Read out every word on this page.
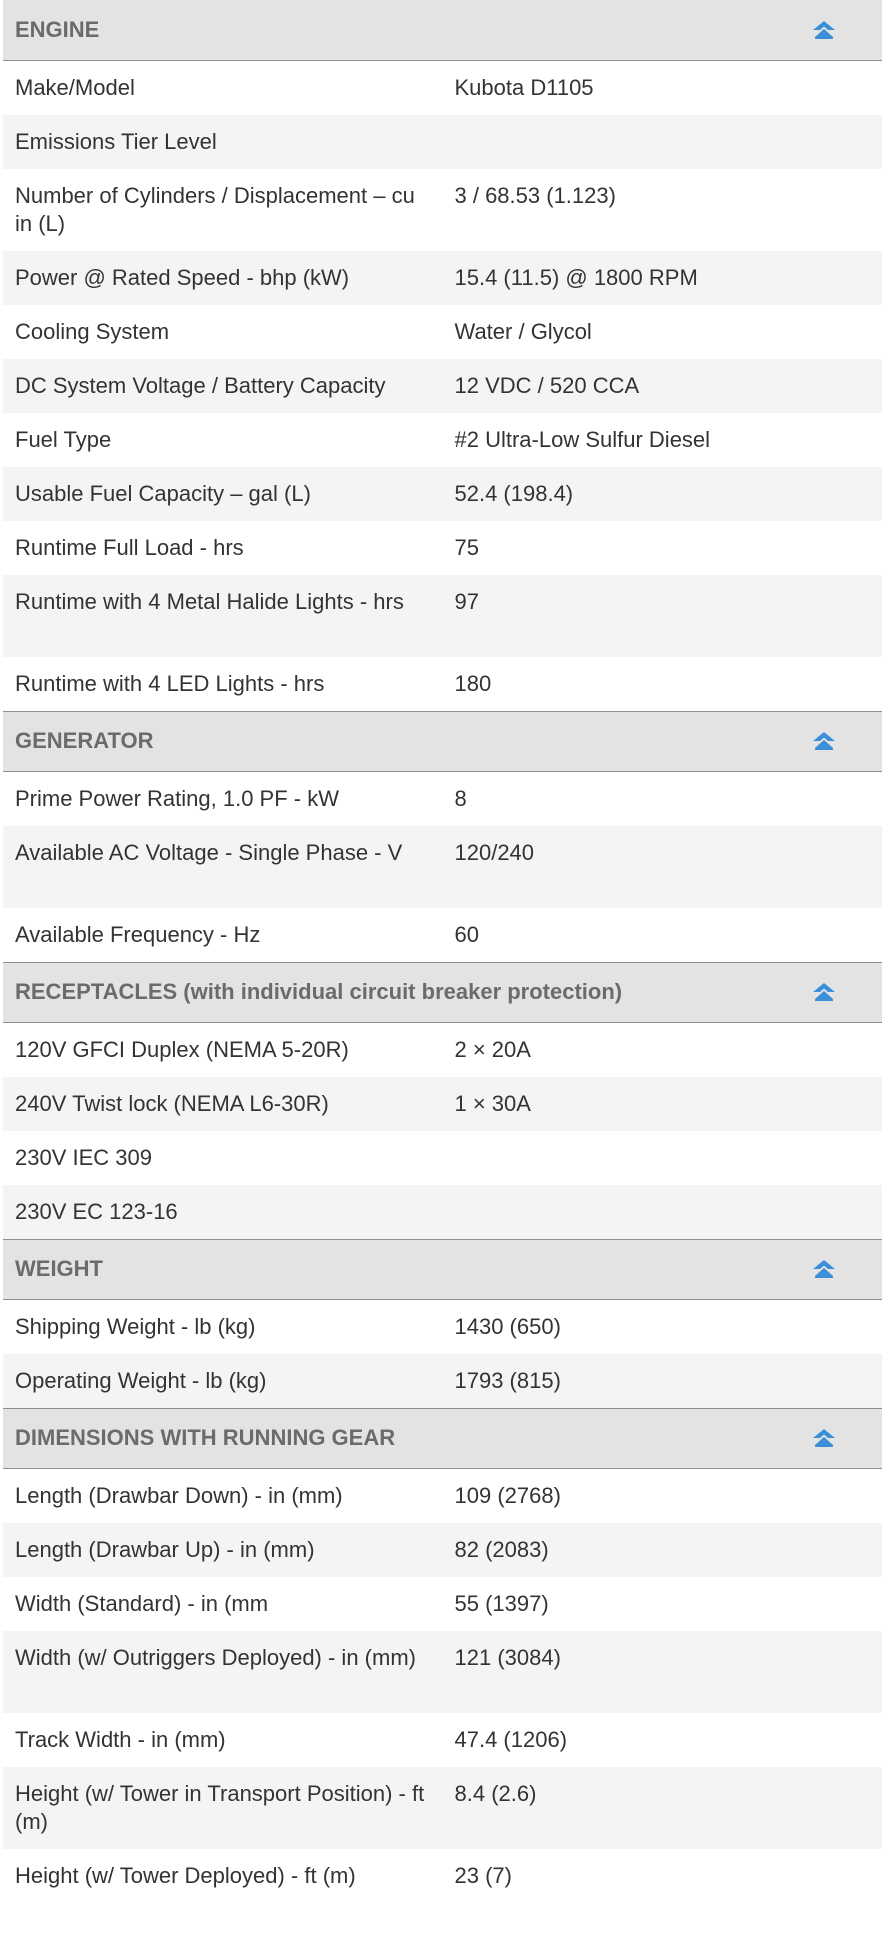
ENGINE	

Make/Model	Kubota D1105
Emissions Tier Level	
Number of Cylinders / Displacement – cu in (L)	3 / 68.53 (1.123)
Power @ Rated Speed - bhp (kW)	15.4 (11.5) @ 1800 RPM
Cooling System	Water / Glycol
DC System Voltage / Battery Capacity	12 VDC / 520 CCA
Fuel Type	#2 Ultra-Low Sulfur Diesel
Usable Fuel Capacity – gal (L)	52.4 (198.4)
Runtime Full Load - hrs	75
Runtime with 4 Metal Halide Lights - hrs	97
Runtime with 4 LED Lights - hrs	180

GENERATOR	

Prime Power Rating, 1.0 PF - kW	8
Available AC Voltage - Single Phase - V	120/240
Available Frequency - Hz	60

RECEPTACLES (with individual circuit breaker protection)	

120V GFCI Duplex (NEMA 5-20R)	2 × 20A
240V Twist lock (NEMA L6-30R)	1 × 30A
230V IEC 309	
230V EC 123-16	

WEIGHT	

Shipping Weight - lb (kg)	1430 (650)
Operating Weight - lb (kg)	1793 (815)

DIMENSIONS WITH RUNNING GEAR	

Length (Drawbar Down) - in (mm)	109 (2768)
Length (Drawbar Up) - in (mm)	82 (2083)
Width (Standard) - in (mm	55 (1397)
Width (w/ Outriggers Deployed) - in (mm)	121 (3084)
Track Width - in (mm)	47.4 (1206)
Height (w/ Tower in Transport Position) - ft (m)	8.4 (2.6)
Height (w/ Tower Deployed) - ft (m)	23 (7)
